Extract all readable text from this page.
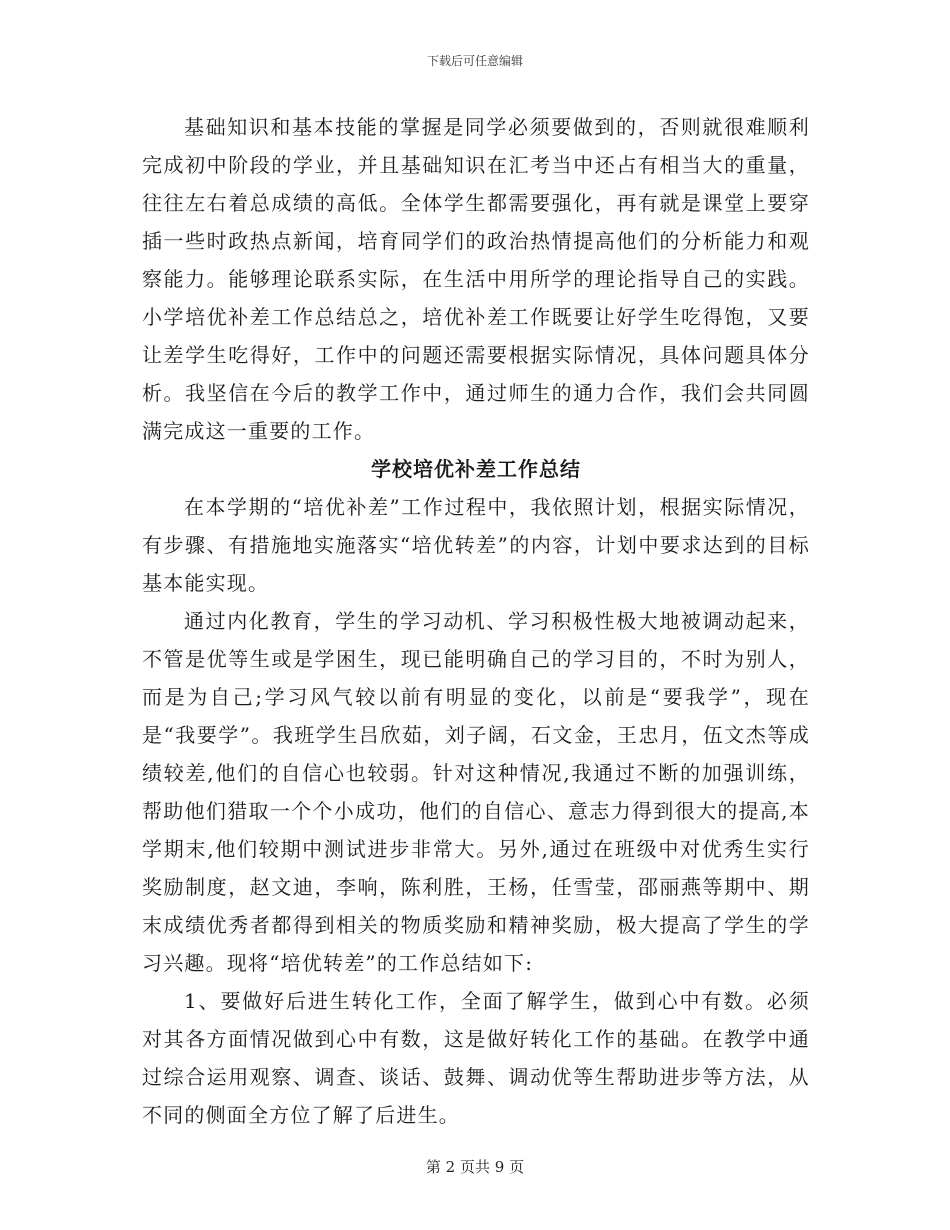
下载后可任意编辑

基础知识和基本技能的掌握是同学必须要做到的，否则就很难顺利完成初中阶段的学业，并且基础知识在汇考当中还占有相当大的重量，往往左右着总成绩的高低。全体学生都需要强化，再有就是课堂上要穿插一些时政热点新闻，培育同学们的政治热情提高他们的分析能力和观察能力。能够理论联系实际，在生活中用所学的理论指导自己的实践。小学培优补差工作总结总之，培优补差工作既要让好学生吃得饱，又要让差学生吃得好，工作中的问题还需要根据实际情况，具体问题具体分析。我坚信在今后的教学工作中，通过师生的通力合作，我们会共同圆满完成这一重要的工作。

学校培优补差工作总结

在本学期的“培优补差”工作过程中，我依照计划，根据实际情况，有步骤、有措施地实施落实“培优转差”的内容，计划中要求达到的目标基本能实现。

通过内化教育，学生的学习动机、学习积极性极大地被调动起来，不管是优等生或是学困生，现已能明确自己的学习目的，不时为别人，而是为自己;学习风气较以前有明显的变化，以前是“要我学”，现在是“我要学”。我班学生吕欣茹，刘子阔，石文金，王忠月，伍文杰等成绩较差,他们的自信心也较弱。针对这种情况,我通过不断的加强训练，帮助他们猎取一个个小成功，他们的自信心、意志力得到很大的提高,本学期末,他们较期中测试进步非常大。另外,通过在班级中对优秀生实行奖励制度，赵文迪，李响，陈利胜，王杨，任雪莹，邵丽燕等期中、期末成绩优秀者都得到相关的物质奖励和精神奖励，极大提高了学生的学习兴趣。现将“培优转差”的工作总结如下:

1、要做好后进生转化工作，全面了解学生，做到心中有数。必须对其各方面情况做到心中有数，这是做好转化工作的基础。在教学中通过综合运用观察、调查、谈话、鼓舞、调动优等生帮助进步等方法，从不同的侧面全方位了解了后进生。

第 2 页共 9 页
